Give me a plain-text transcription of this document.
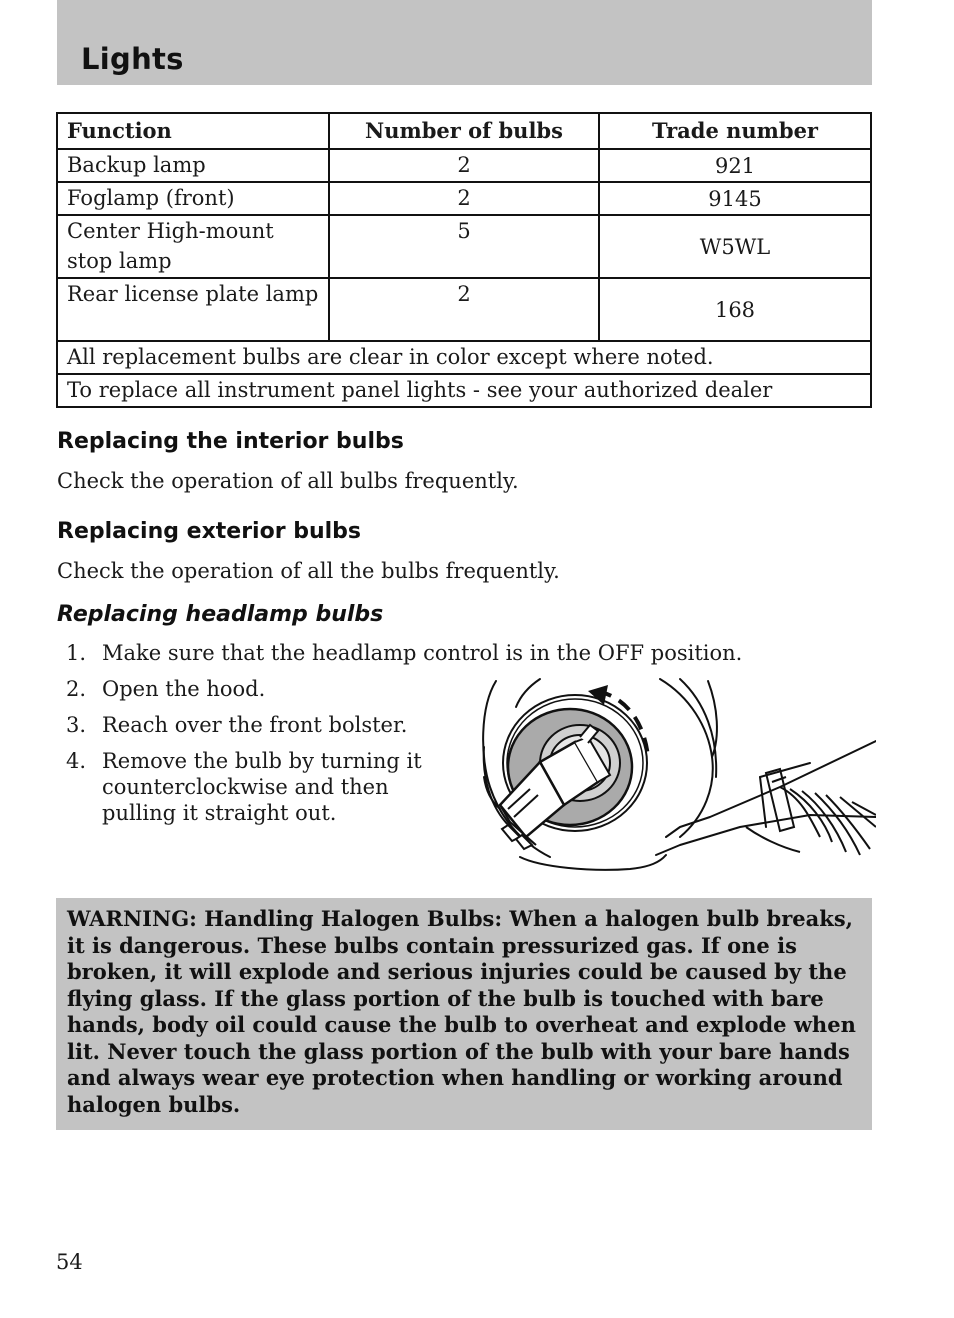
Lights
Function	Number of bulbs	Trade number
Backup lamp	2	921
Foglamp (front)	2	9145
Center High-mount stop lamp	5	W5WL
Rear license plate lamp	2	168
All replacement bulbs are clear in color except where noted.		
To replace all instrument panel lights - see your authorized dealer		
Replacing the interior bulbs
Check the operation of all bulbs frequently.
Replacing exterior bulbs
Check the operation of all the bulbs frequently.
Replacing headlamp bulbs
1. Make sure that the headlamp control is in the OFF position.
2. Open the hood.
3. Reach over the front bolster.
4. Remove the bulb by turning it counterclockwise and then pulling it straight out.

WARNING: Handling Halogen Bulbs: When a halogen bulb breaks, it is dangerous. These bulbs contain pressurized gas. If one is broken, it will explode and serious injuries could be caused by the flying glass. If the glass portion of the bulb is touched with bare hands, body oil could cause the bulb to overheat and explode when lit. Never touch the glass portion of the bulb with your bare hands and always wear eye protection when handling or working around halogen bulbs.

54
